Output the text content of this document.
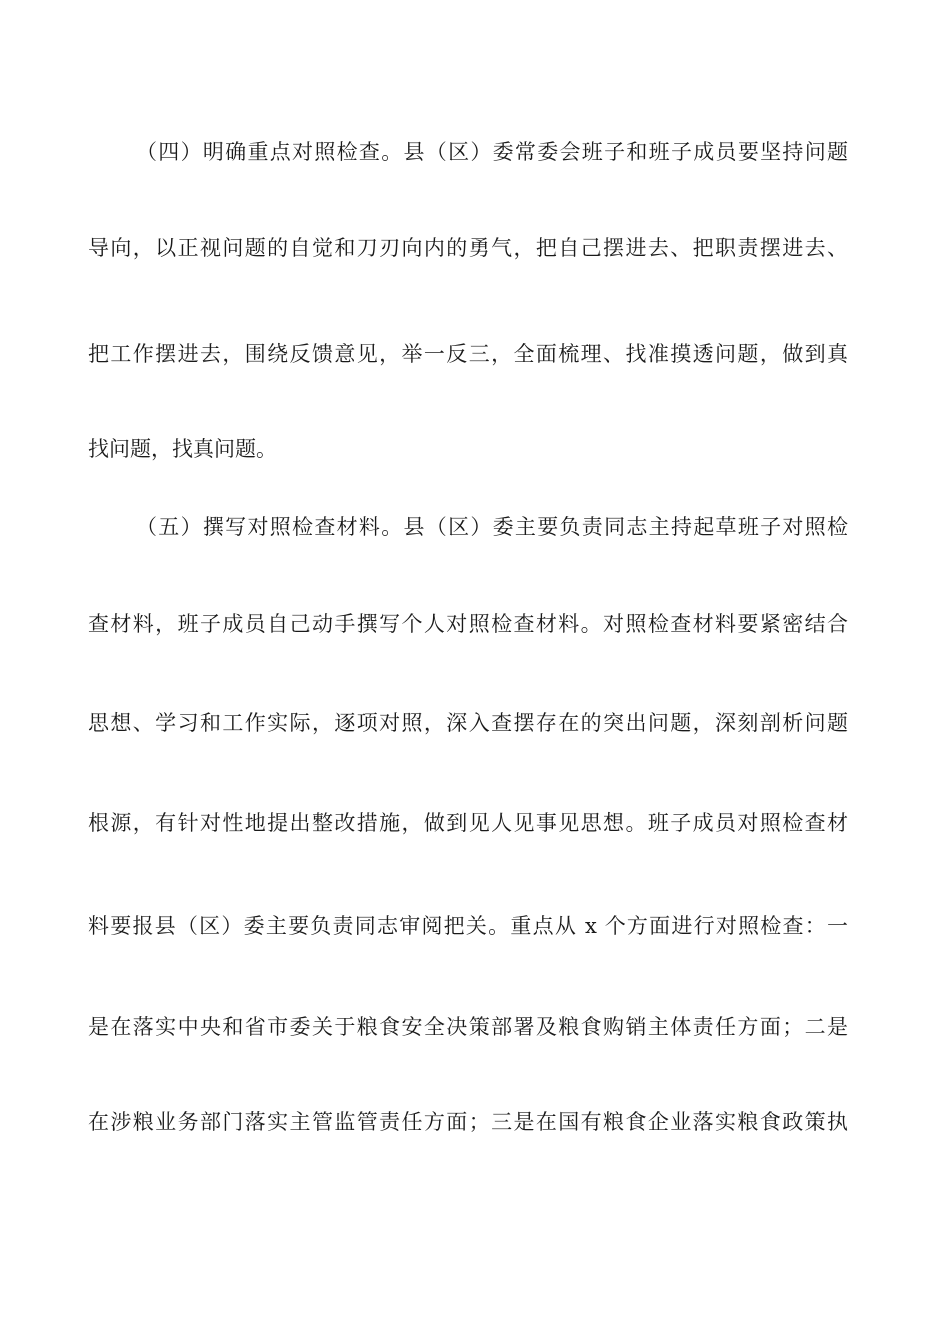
（四）明确重点对照检查。县（区）委常委会班子和班子成员要坚持问题
导向，以正视问题的自觉和刀刃向内的勇气，把自己摆进去、把职责摆进去、
把工作摆进去，围绕反馈意见，举一反三，全面梳理、找准摸透问题，做到真
找问题，找真问题。
（五）撰写对照检查材料。县（区）委主要负责同志主持起草班子对照检
查材料，班子成员自己动手撰写个人对照检查材料。对照检查材料要紧密结合
思想、学习和工作实际，逐项对照，深入查摆存在的突出问题，深刻剖析问题
根源，有针对性地提出整改措施，做到见人见事见思想。班子成员对照检查材
料要报县（区）委主要负责同志审阅把关。重点从 x 个方面进行对照检查：一
是在落实中央和省市委关于粮食安全决策部署及粮食购销主体责任方面；二是
在涉粮业务部门落实主管监管责任方面；三是在国有粮食企业落实粮食政策执
